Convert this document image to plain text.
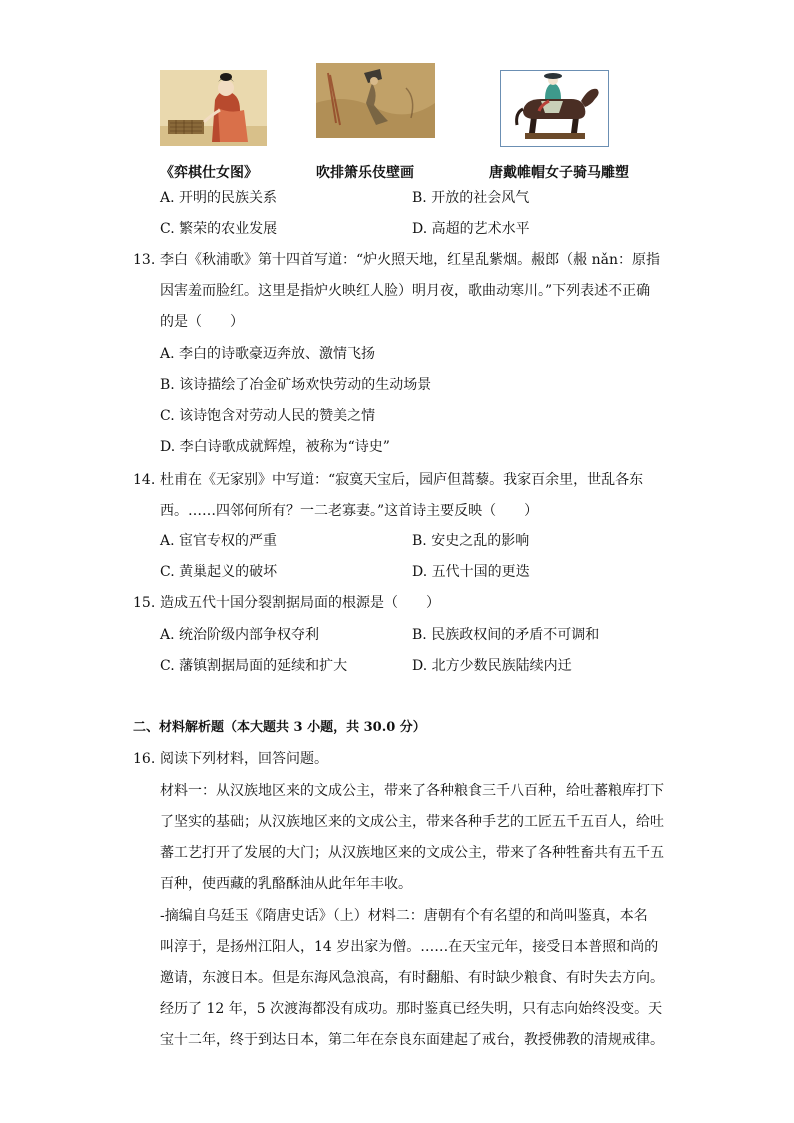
《弈棋仕女图》	吹排箫乐伎壁画	唐戴帷帽女子骑马雕塑
A. 开明的民族关系	B. 开放的社会风气
C. 繁荣的农业发展	D. 高超的艺术水平
13. 李白《秋浦歌》第十四首写道：“炉火照天地，红星乱紫烟。赧郎（赧 nǎn：原指
因害羞而脸红。这里是指炉火映红人脸）明月夜，歌曲动寒川。”下列表述不正确
的是（　　）
A. 李白的诗歌豪迈奔放、激情飞扬
B. 该诗描绘了冶金矿场欢快劳动的生动场景
C. 该诗饱含对劳动人民的赞美之情
D. 李白诗歌成就辉煌，被称为“诗史”
14. 杜甫在《无家别》中写道：“寂寞天宝后，园庐但蒿藜。我家百余里，世乱各东
西。……四邻何所有？一二老寡妻。”这首诗主要反映（　　）
A. 宦官专权的严重	B. 安史之乱的影响
C. 黄巢起义的破坏	D. 五代十国的更迭
15. 造成五代十国分裂割据局面的根源是（　　）
A. 统治阶级内部争权夺利	B. 民族政权间的矛盾不可调和
C. 藩镇割据局面的延续和扩大	D. 北方少数民族陆续内迁
二、材料解析题（本大题共 3 小题，共 30.0 分）
16. 阅读下列材料，回答问题。
材料一：从汉族地区来的文成公主，带来了各种粮食三千八百种，给吐蕃粮库打下
了坚实的基础；从汉族地区来的文成公主，带来各种手艺的工匠五千五百人，给吐
蕃工艺打开了发展的大门；从汉族地区来的文成公主，带来了各种牲畜共有五千五
百种，使西藏的乳酪酥油从此年年丰收。
-摘编自乌廷玉《隋唐史话》（上）材料二：唐朝有个有名望的和尚叫鉴真，本名
叫淳于，是扬州江阳人，14 岁出家为僧。……在天宝元年，接受日本普照和尚的
邀请，东渡日本。但是东海风急浪高，有时翻船、有时缺少粮食、有时失去方向。
经历了 12 年，5 次渡海都没有成功。那时鉴真已经失明，只有志向始终没变。天
宝十二年，终于到达日本，第二年在奈良东面建起了戒台，教授佛教的清规戒律。
